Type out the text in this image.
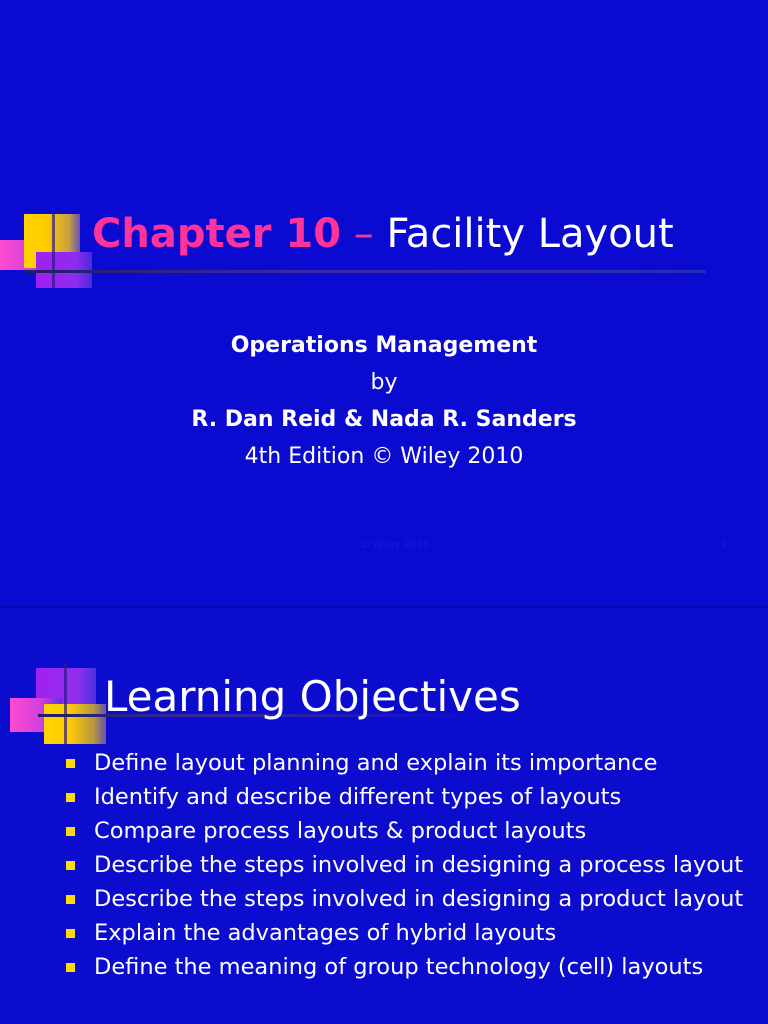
Chapter 10 – Facility Layout
Operations Management
by
R. Dan Reid & Nada R. Sanders
4th Edition © Wiley 2010
© Wiley 2010	1
Learning Objectives
Define layout planning and explain its importance
Identify and describe different types of layouts
Compare process layouts & product layouts
Describe the steps involved in designing a process layout
Describe the steps involved in designing a product layout
Explain the advantages of hybrid layouts
Define the meaning of group technology (cell) layouts
